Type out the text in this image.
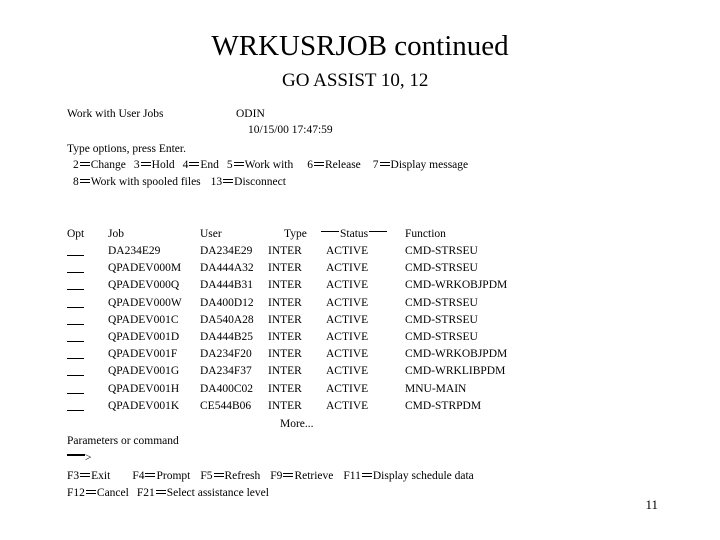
WRKUSRJOB continued
GO ASSIST 10, 12
Work with User Jobs	ODIN
10/15/00 17:47:59
Type options, press Enter.
2 Change 3 Hold 4 End 5 Work with 6 Release 7 Display message
8 Work with spooled files 13 Disconnect
Opt Job	User	Type	Status	Function
DA234E29	DA234E29 INTER ACTIVE	CMD-STRSEU
QPADEV000M DA444A32 INTER ACTIVE	CMD-STRSEU
QPADEV000Q DA444B31 INTER ACTIVE	CMD-WRKOBJPDM
QPADEV000W DA400D12 INTER ACTIVE	CMD-STRSEU
QPADEV001C DA540A28 INTER ACTIVE	CMD-STRSEU
QPADEV001D DA444B25 INTER ACTIVE	CMD-STRSEU
QPADEV001F DA234F20 INTER ACTIVE	CMD-WRKOBJPDM
QPADEV001G DA234F37 INTER ACTIVE	CMD-WRKLIBPDM
QPADEV001H DA400C02 INTER ACTIVE	MNU-MAIN
QPADEV001K CE544B06 INTER ACTIVE	CMD-STRPDM
More...
Parameters or command
>
F3 Exit F4 Prompt F5 Refresh F9 Retrieve F11 Display schedule data
F12 Cancel F21 Select assistance level
11
